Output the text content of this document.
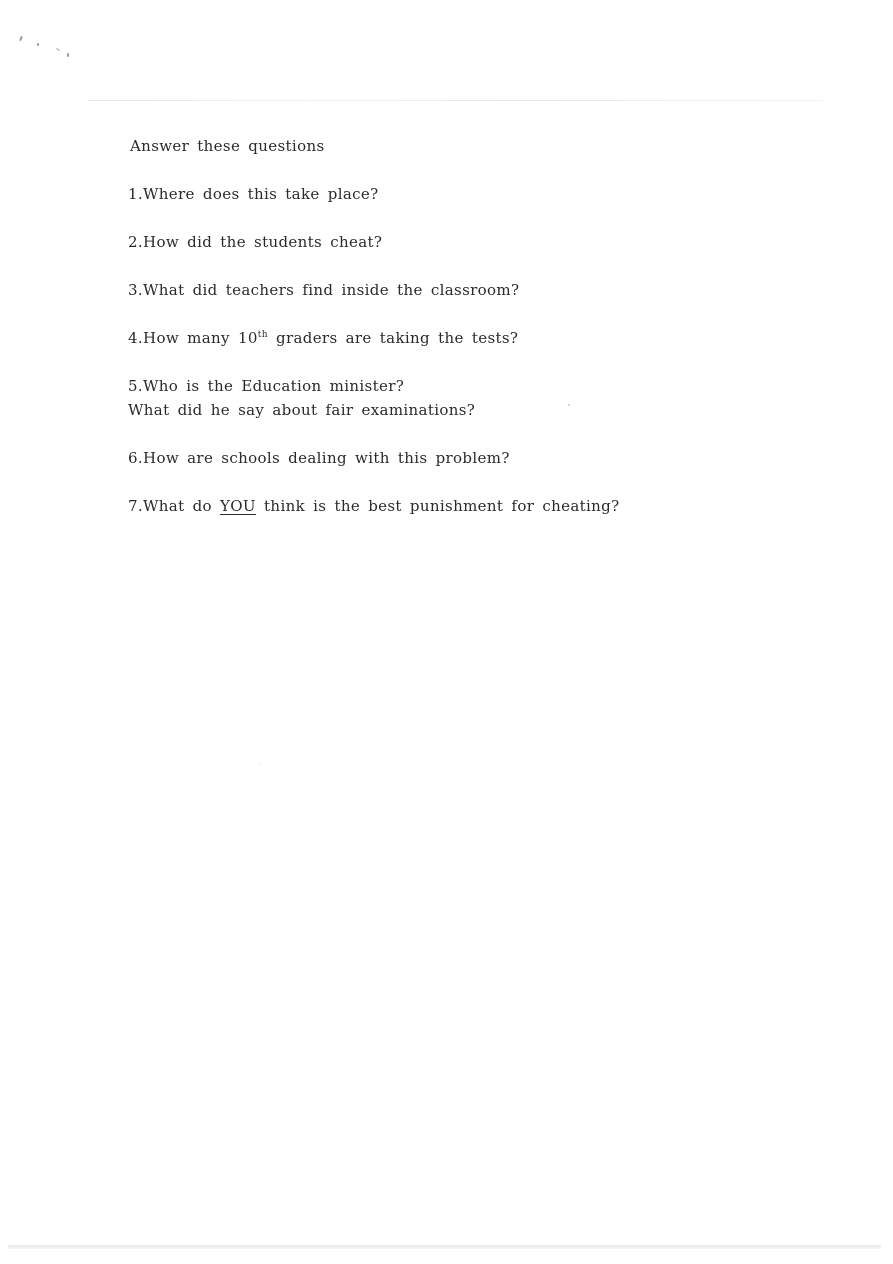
Answer these questions
1.Where does this take place?
2.How did the students cheat?
3.What did teachers find inside the classroom?
4.How many 10th graders are taking the tests?
5.Who is the Education minister?
What did he say about fair examinations?
6.How are schools dealing with this problem?
7.What do YOU think is the best punishment for cheating?
